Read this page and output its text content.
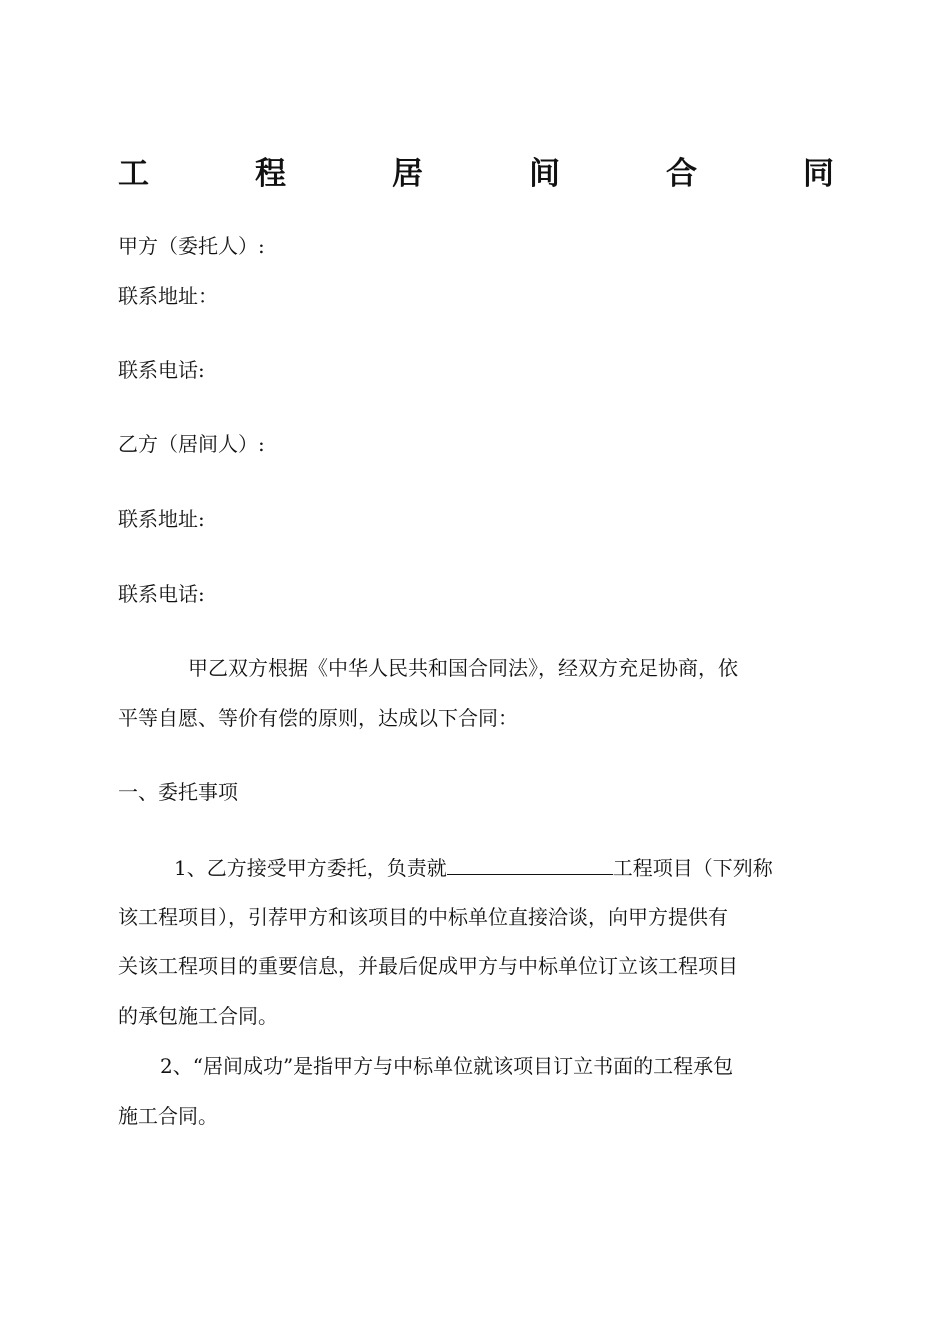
工	程	居	间	合	同
甲方（委托人）:
联系地址：
联系电话:
乙方（居间人）:
联系地址:
联系电话:
甲乙双方根据《中华人民共和国合同法》，经双方充足协商，依
平等自愿、等价有偿的原则，达成以下合同：
一、委托事项
1、乙方接受甲方委托，负责就	工程项目（下列称
该工程项目），引荐甲方和该项目的中标单位直接洽谈，向甲方提供有
关该工程项目的重要信息，并最后促成甲方与中标单位订立该工程项目
的承包施工合同。
2、“居间成功”是指甲方与中标单位就该项目订立书面的工程承包
施工合同。
